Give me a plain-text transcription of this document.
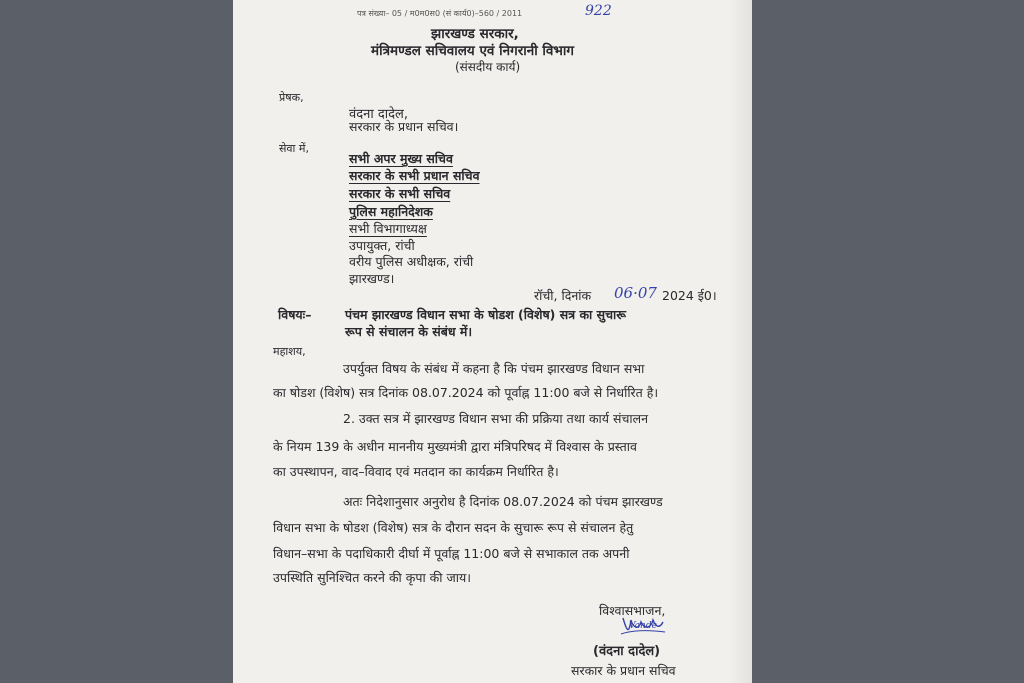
पत्र संख्या– 05 / म0म0स0 (सं कार्य0)–560 / 2011	922
झारखण्ड सरकार,
मंत्रिमण्डल सचिवालय एवं निगरानी विभाग
(संसदीय कार्य)
प्रेषक,
वंदना दादेल,
सरकार के प्रधान सचिव।
सेवा में,
सभी अपर मुख्य सचिव
सरकार के सभी प्रधान सचिव
सरकार के सभी सचिव
पुलिस महानिदेशक
सभी विभागाध्यक्ष
उपायुक्त, रांची
वरीय पुलिस अधीक्षक, रांची
झारखण्ड।
रॉची, दिनांक 06·07 2024 ई0।
विषयः–	पंचम झारखण्ड विधान सभा के षोडश (विशेष) सत्र का सुचारू
रूप से संचालन के संबंध में।
महाशय,
उपर्युक्त विषय के संबंध में कहना है कि पंचम झारखण्ड विधान सभा
का षोडश (विशेष) सत्र दिनांक 08.07.2024 को पूर्वाह्न 11:00 बजे से निर्धारित है।
2. उक्त सत्र में झारखण्ड विधान सभा की प्रक्रिया तथा कार्य संचालन
के नियम 139 के अधीन माननीय मुख्यमंत्री द्वारा मंत्रिपरिषद में विश्वास के प्रस्ताव
का उपस्थापन, वाद–विवाद एवं मतदान का कार्यक्रम निर्धारित है।
अतः निदेशानुसार अनुरोध है दिनांक 08.07.2024 को पंचम झारखण्ड
विधान सभा के षोडश (विशेष) सत्र के दौरान सदन के सुचारू रूप से संचालन हेतु
विधान–सभा के पदाधिकारी दीर्घा में पूर्वाह्न 11:00 बजे से सभाकाल तक अपनी
उपस्थिति सुनिश्चित करने की कृपा की जाय।
विश्वासभाजन,
Vande
(वंदना दादेल)
सरकार के प्रधान सचिव
